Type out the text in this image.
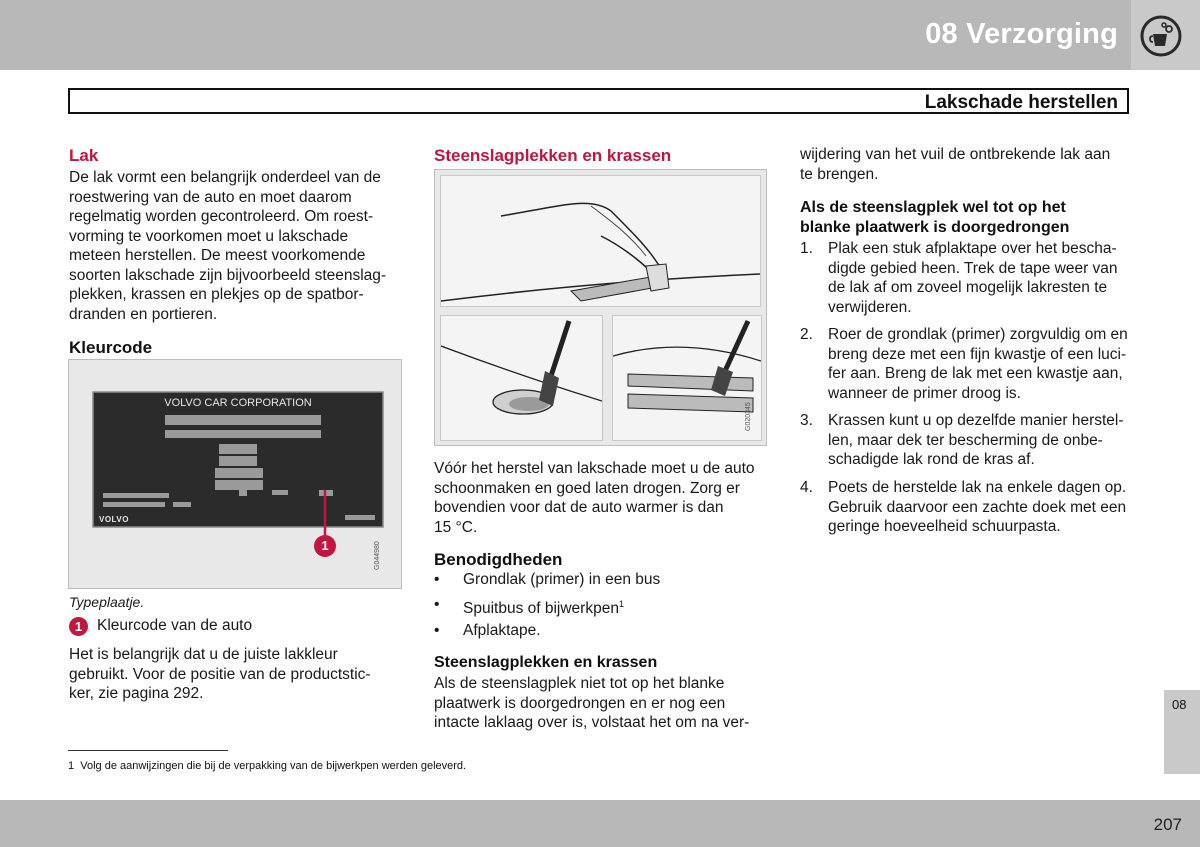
08 Verzorging
Lakschade herstellen
Lak
De lak vormt een belangrijk onderdeel van de
roestwering van de auto en moet daarom
regelmatig worden gecontroleerd. Om roest-
vorming te voorkomen moet u lakschade
meteen herstellen. De meest voorkomende
soorten lakschade zijn bijvoorbeeld steenslag-
plekken, krassen en plekjes op de spatbor-
dranden en portieren.
Kleurcode
VOLVO CAR CORPORATION
VOLVO
1	G044980
Typeplaatje.
1 Kleurcode van de auto
Het is belangrijk dat u de juiste lakkleur
gebruikt. Voor de positie van de productstic-
ker, zie pagina 292.
Steenslagplekken en krassen
G020345
Vóór het herstel van lakschade moet u de auto
schoonmaken en goed laten drogen. Zorg er
bovendien voor dat de auto warmer is dan
15 °C.
Benodigdheden
• Grondlak (primer) in een bus
• Spuitbus of bijwerkpen$^1$
• Afplaktape.
Steenslagplekken en krassen
Als de steenslagplek niet tot op het blanke
plaatwerk is doorgedrongen en er nog een
intacte laklaag over is, volstaat het om na ver-
wijdering van het vuil de ontbrekende lak aan
te brengen.
Als de steenslagplek wel tot op het
blanke plaatwerk is doorgedrongen
1. Plak een stuk afplaktape over het bescha-
digde gebied heen. Trek de tape weer van
de lak af om zoveel mogelijk lakresten te
verwijderen.
2. Roer de grondlak (primer) zorgvuldig om en
breng deze met een fijn kwastje of een luci-
fer aan. Breng de lak met een kwastje aan,
wanneer de primer droog is.
3. Krassen kunt u op dezelfde manier herstel-
len, maar dek ter bescherming de onbe-
schadigde lak rond de kras af.
4. Poets de herstelde lak na enkele dagen op.
Gebruik daarvoor een zachte doek met een
geringe hoeveelheid schuurpasta.
1 Volg de aanwijzingen die bij de verpakking van de bijwerkpen werden geleverd.
08
207
